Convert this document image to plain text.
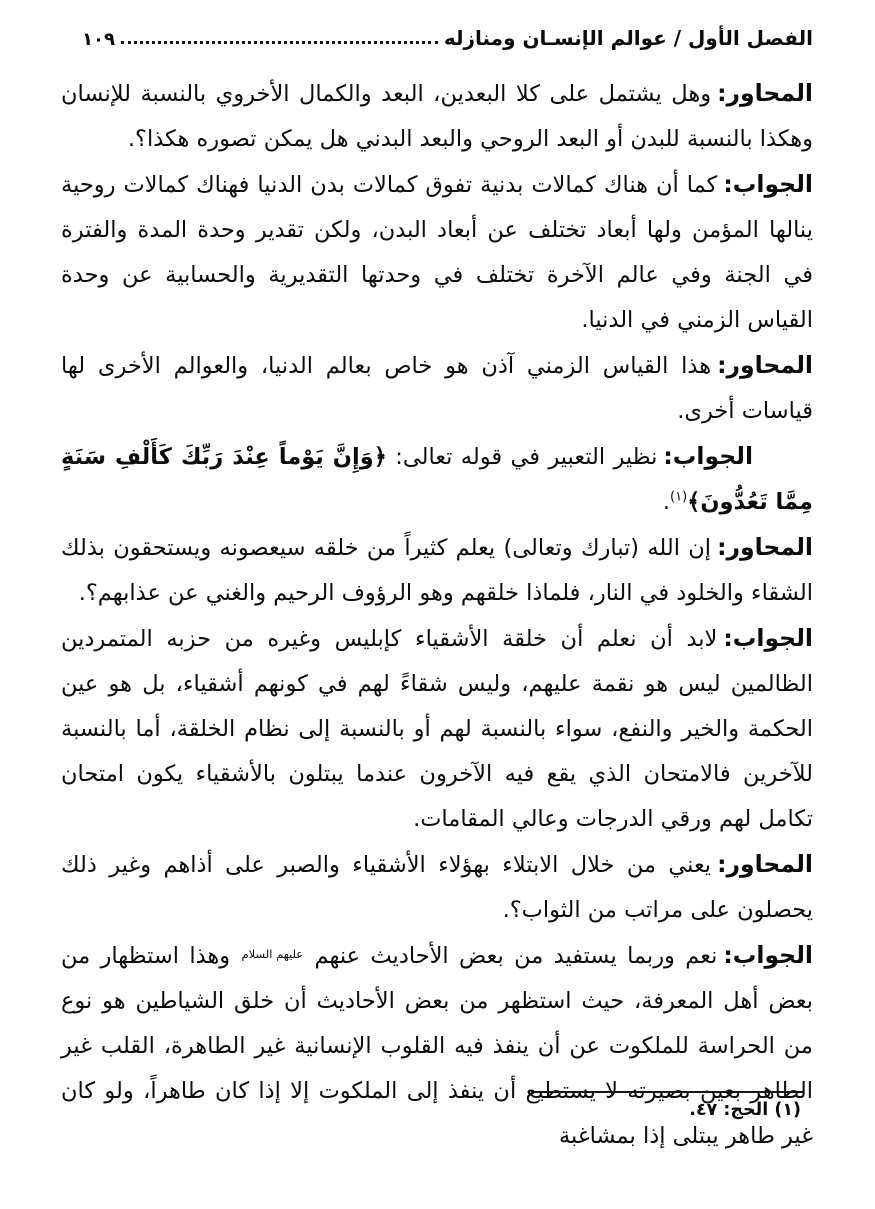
الفصل الأول / عوالم الإنسـان ومنازله
١٠٩

المحاور:وهل يشتمل على كلا البعدين، البعد والكمال الأخروي بالنسبة للإنسان وهكذا بالنسبة للبدن أو البعد الروحي والبعد البدني هل يمكن تصوره هكذا؟.

الجواب:كما أن هناك كمالات بدنية تفوق كمالات بدن الدنيا فهناك كمالات روحية ينالها المؤمن ولها أبعاد تختلف عن أبعاد البدن، ولكن تقدير وحدة المدة والفترة في الجنة وفي عالم الآخرة تختلف في وحدتها التقديرية والحسابية عن وحدة القياس الزمني في الدنيا.

المحاور:هذا القياس الزمني آذن هو خاص بعالم الدنيا، والعوالم الأخرى لها قياسات أخرى.

الجواب:نظير التعبير في قوله تعالى: ﴿وَإِنَّ يَوْماً عِنْدَ رَبِّكَ كَأَلْفِ سَنَةٍ مِمَّا تَعُدُّونَ﴾$^{(١)}$.

المحاور:إن الله (تبارك وتعالى) يعلم كثيراً من خلقه سيعصونه ويستحقون بذلك الشقاء والخلود في النار، فلماذا خلقهم وهو الرؤوف الرحيم والغني عن عذابهم؟.

الجواب:لابد أن نعلم أن خلقة الأشقياء كإبليس وغيره من حزبه المتمردين الظالمين ليس هو نقمة عليهم، وليس شقاءً لهم في كونهم أشقياء، بل هو عين الحكمة والخير والنفع، سواء بالنسبة لهم أو بالنسبة إلى نظام الخلقة، أما بالنسبة للآخرين فالامتحان الذي يقع فيه الآخرون عندما يبتلون بالأشقياء يكون امتحان تكامل لهم ورقي الدرجات وعالي المقامات.

المحاور:يعني من خلال الابتلاء بهؤلاء الأشقياء والصبر على أذاهم وغير ذلك يحصلون على مراتب من الثواب؟.

الجواب:نعم وربما يستفيد من بعض الأحاديث عنهم عليهم السلام وهذا استظهار من بعض أهل المعرفة، حيث استظهر من بعض الأحاديث أن خلق الشياطين هو نوع من الحراسة للملكوت عن أن ينفذ فيه القلوب الإنسانية غير الطاهرة، القلب غير الطاهر بعين بصيرته لا يستطيع أن ينفذ إلى الملكوت إلا إذا كان طاهراً، ولو كان غير طاهر يبتلى إذا بمشاغبة

(١) الحج: ٤٧.
